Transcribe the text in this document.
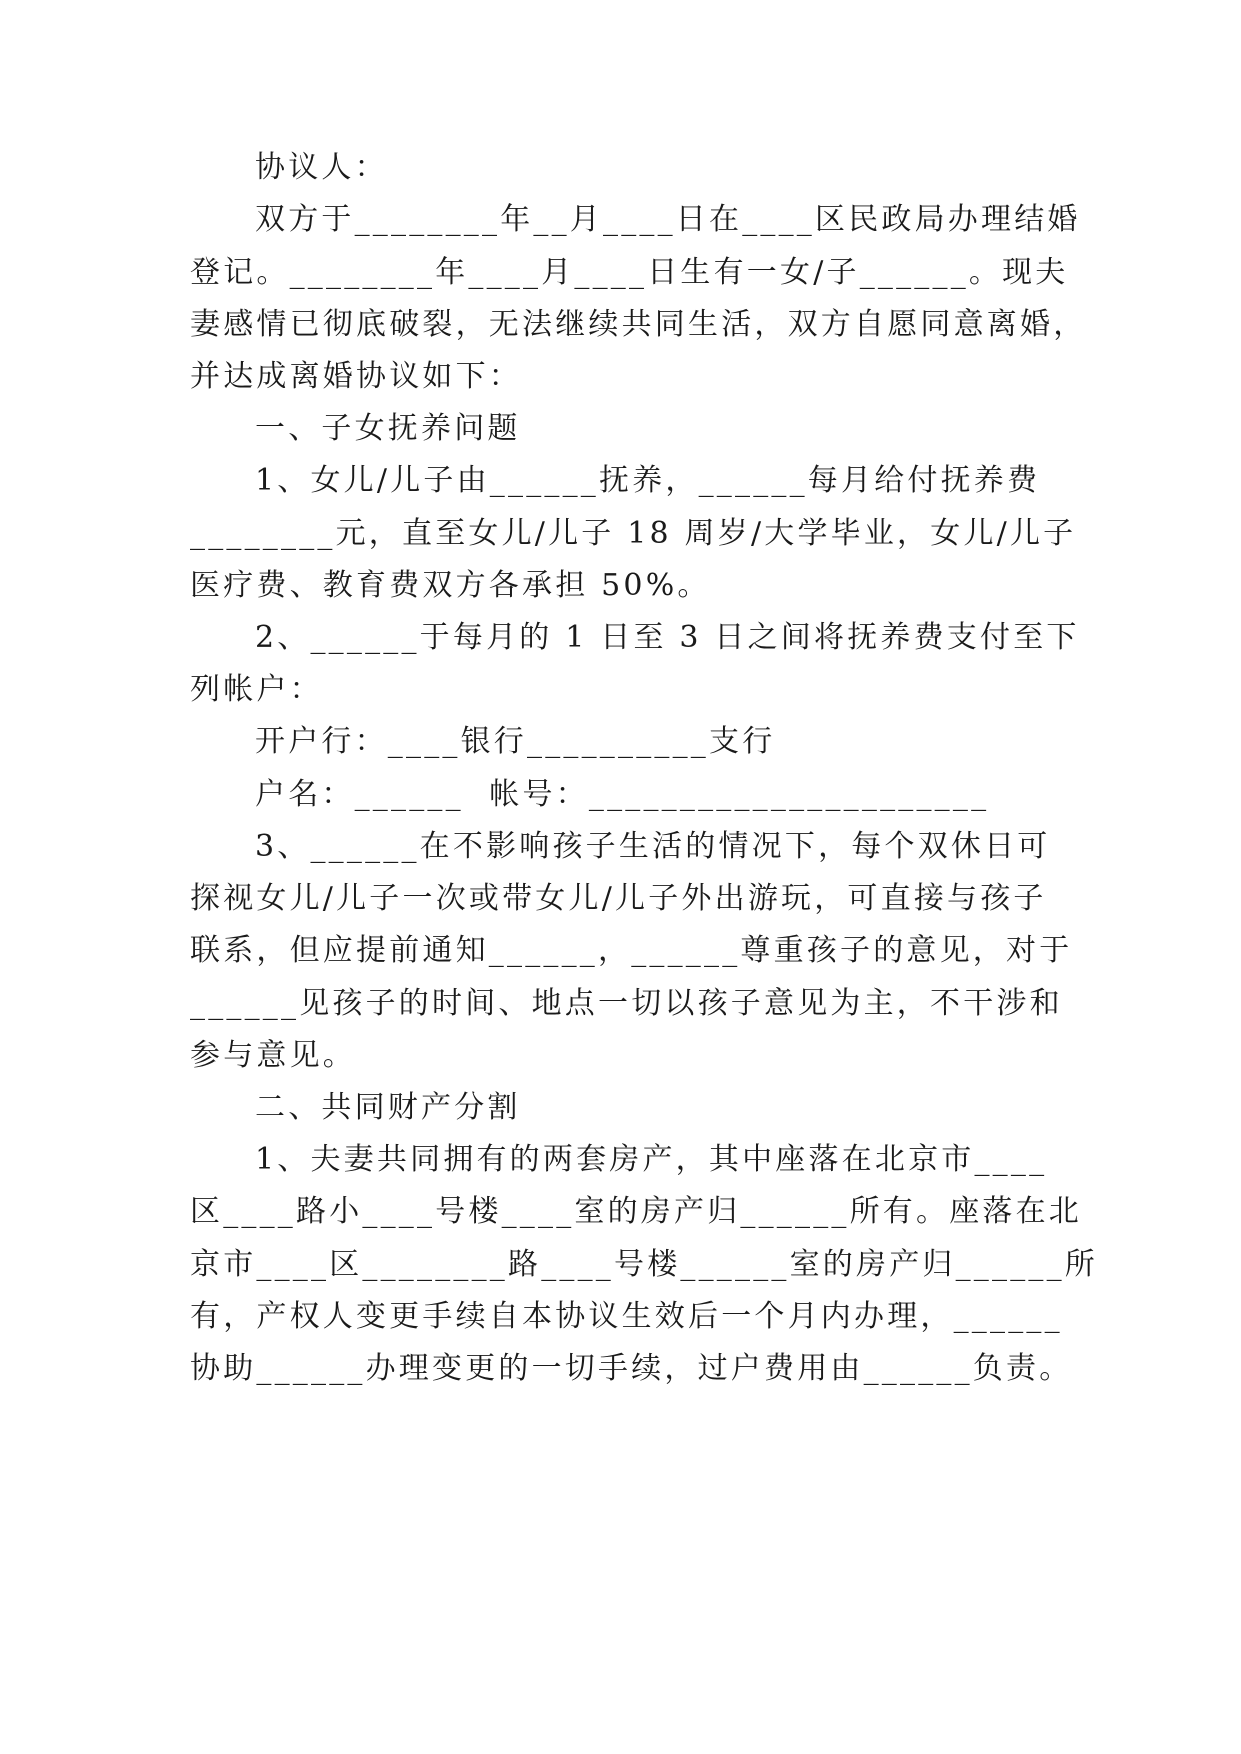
协议人：
双方于________年__月____日在____区民政局办理结婚
登记。________年____月____日生有一女/子______。现夫
妻感情已彻底破裂，无法继续共同生活，双方自愿同意离婚，
并达成离婚协议如下：
一、子女抚养问题
1、女儿/儿子由______抚养，______每月给付抚养费
________元，直至女儿/儿子 18 周岁/大学毕业，女儿/儿子
医疗费、教育费双方各承担 50%。
2、______于每月的 1 日至 3 日之间将抚养费支付至下
列帐户：
开户行：____银行__________支行
户名：______  帐号：______________________
3、______在不影响孩子生活的情况下，每个双休日可
探视女儿/儿子一次或带女儿/儿子外出游玩，可直接与孩子
联系，但应提前通知______，______尊重孩子的意见，对于
______见孩子的时间、地点一切以孩子意见为主，不干涉和
参与意见。
二、共同财产分割
1、夫妻共同拥有的两套房产，其中座落在北京市____
区____路小____号楼____室的房产归______所有。座落在北
京市____区________路____号楼______室的房产归______所
有，产权人变更手续自本协议生效后一个月内办理，______
协助______办理变更的一切手续，过户费用由______负责。
